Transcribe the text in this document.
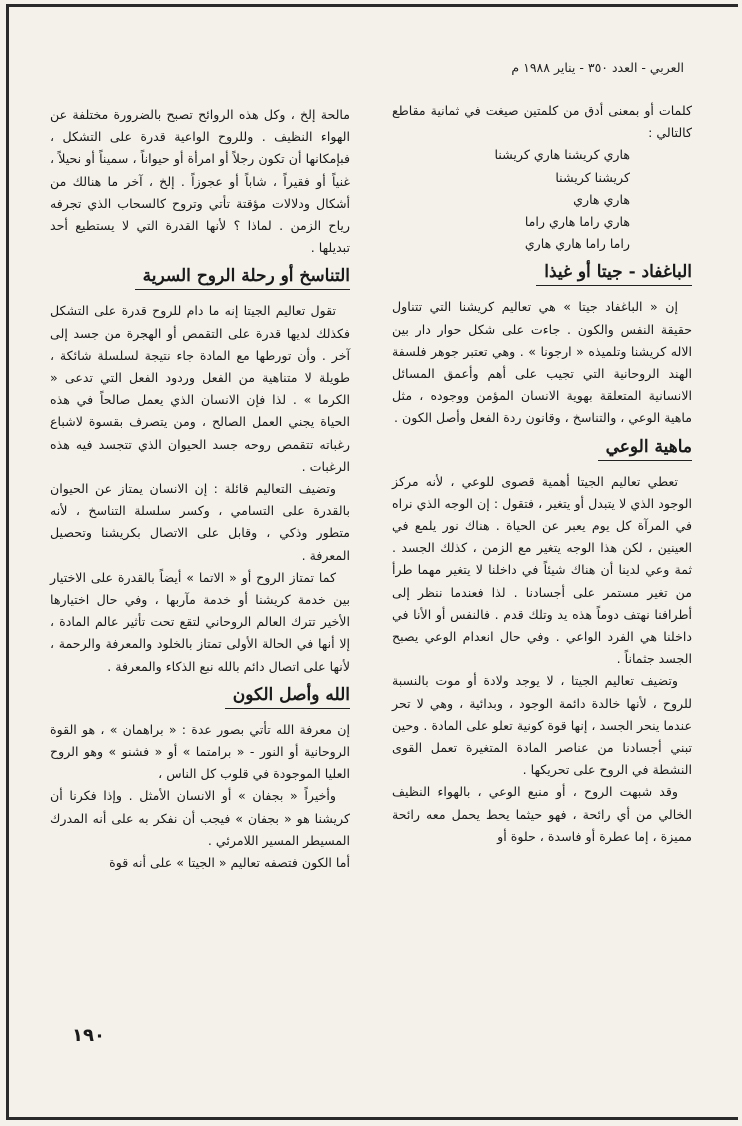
العربي - العدد ٣٥٠ - يناير ١٩٨٨ م

كلمات أو بمعنى أدق من كلمتين صيغت في ثمانية مقاطع كالتالي :

هاري كريشنا هاري كريشنا
كريشنا كريشنا
هاري هاري
هاري راما هاري راما
راما راما هاري هاري
الباغفاد - جيتا أو غيذا

إن « الباغفاد جيتا » هي تعاليم كريشنا التي تتناول حقيقة النفس والكون . جاءت على شكل حوار دار بين الاله كريشنا وتلميذه « ارجونا » . وهي تعتبر جوهر فلسفة الهند الروحانية التي تجيب على أهم وأعمق المسائل الانسانية المتعلقة بهوية الانسان المؤمن ووجوده ، مثل ماهية الوعي ، والتناسخ ، وقانون ردة الفعل وأصل الكون .

ماهية الوعي

تعطي تعاليم الجيتا أهمية قصوى للوعي ، لأنه مركز الوجود الذي لا يتبدل أو يتغير ، فتقول : إن الوجه الذي نراه في المرآة كل يوم يعبر عن الحياة . هناك نور يلمع في العينين ، لكن هذا الوجه يتغير مع الزمن ، كذلك الجسد . ثمة وعي لدينا أن هناك شيئاً في داخلنا لا يتغير مهما طرأ من تغير مستمر على أجسادنا . لذا فعندما ننظر إلى أطرافنا نهتف دوماً هذه يد وتلك قدم . فالنفس أو الأنا في داخلنا هي الفرد الواعي . وفي حال انعدام الوعي يصبح الجسد جثماناً .

وتضيف تعاليم الجيتا ، لا يوجد ولادة أو موت بالنسبة للروح ، لأنها خالدة دائمة الوجود ، وبدائية ، وهي لا تحر عندما ينحر الجسد ، إنها قوة كونية تعلو على المادة . وحين تبني أجسادنا من عناصر المادة المتغيرة تعمل القوى النشطة في الروح على تحريكها .

وقد شبهت الروح ، أو منبع الوعي ، بالهواء النظيف الخالي من أي رائحة ، فهو حيثما يحط يحمل معه رائحة مميزة ، إما عطرة أو فاسدة ، حلوة أو

مالحة إلخ ، وكل هذه الروائح تصبح بالضرورة مختلفة عن الهواء النظيف . وللروح الواعية قدرة على التشكل ، فبإمكانها أن تكون رجلاً أو امرأة أو حيواناً ، سميناً أو نحيلاً ، غنياً أو فقيراً ، شاباً أو عجوزاً . إلخ ، آخر ما هنالك من أشكال ودلالات مؤقتة تأتي وتروح كالسحاب الذي تجرفه رياح الزمن . لماذا ؟ لأنها القدرة التي لا يستطيع أحد تبديلها .

التناسخ أو رحلة الروح السرية

تقول تعاليم الجيتا إنه ما دام للروح قدرة على التشكل فكذلك لديها قدرة على التقمص أو الهجرة من جسد إلى آخر . وأن تورطها مع المادة جاء نتيجة لسلسلة شائكة ، طويلة لا متناهية من الفعل وردود الفعل التي تدعى « الكرما » . لذا فإن الانسان الذي يعمل صالحاً في هذه الحياة يجني العمل الصالح ، ومن يتصرف بقسوة لاشباع رغباته تتقمص روحه جسد الحيوان الذي تتجسد فيه هذه الرغبات .

وتضيف التعاليم قائلة : إن الانسان يمتاز عن الحيوان بالقدرة على التسامي ، وكسر سلسلة التناسخ ، لأنه متطور وذكي ، وقابل على الاتصال بكريشنا وتحصيل المعرفة .

كما تمتاز الروح أو « الاتما » أيضاً بالقدرة على الاختيار بين خدمة كريشنا أو خدمة مآربها ، وفي حال اختيارها الأخير تترك العالم الروحاني لتقع تحت تأثير عالم المادة ، إلا أنها في الحالة الأولى تمتاز بالخلود والمعرفة والرحمة ، لأنها على اتصال دائم بالله نبع الذكاء والمعرفة .

الله وأصل الكون

إن معرفة الله تأتي بصور عدة : « براهمان » ، هو القوة الروحانية أو النور - « برامتما » أو « فشنو » وهو الروح العليا الموجودة في قلوب كل الناس ،

وأخيراً « بجفان » أو الانسان الأمثل . وإذا فكرنا أن كريشنا هو « بجفان » فيجب أن نفكر به على أنه المدرك المسيطر المسير اللامرئي .

أما الكون فتصفه تعاليم « الجيتا » على أنه قوة

١٩٠
